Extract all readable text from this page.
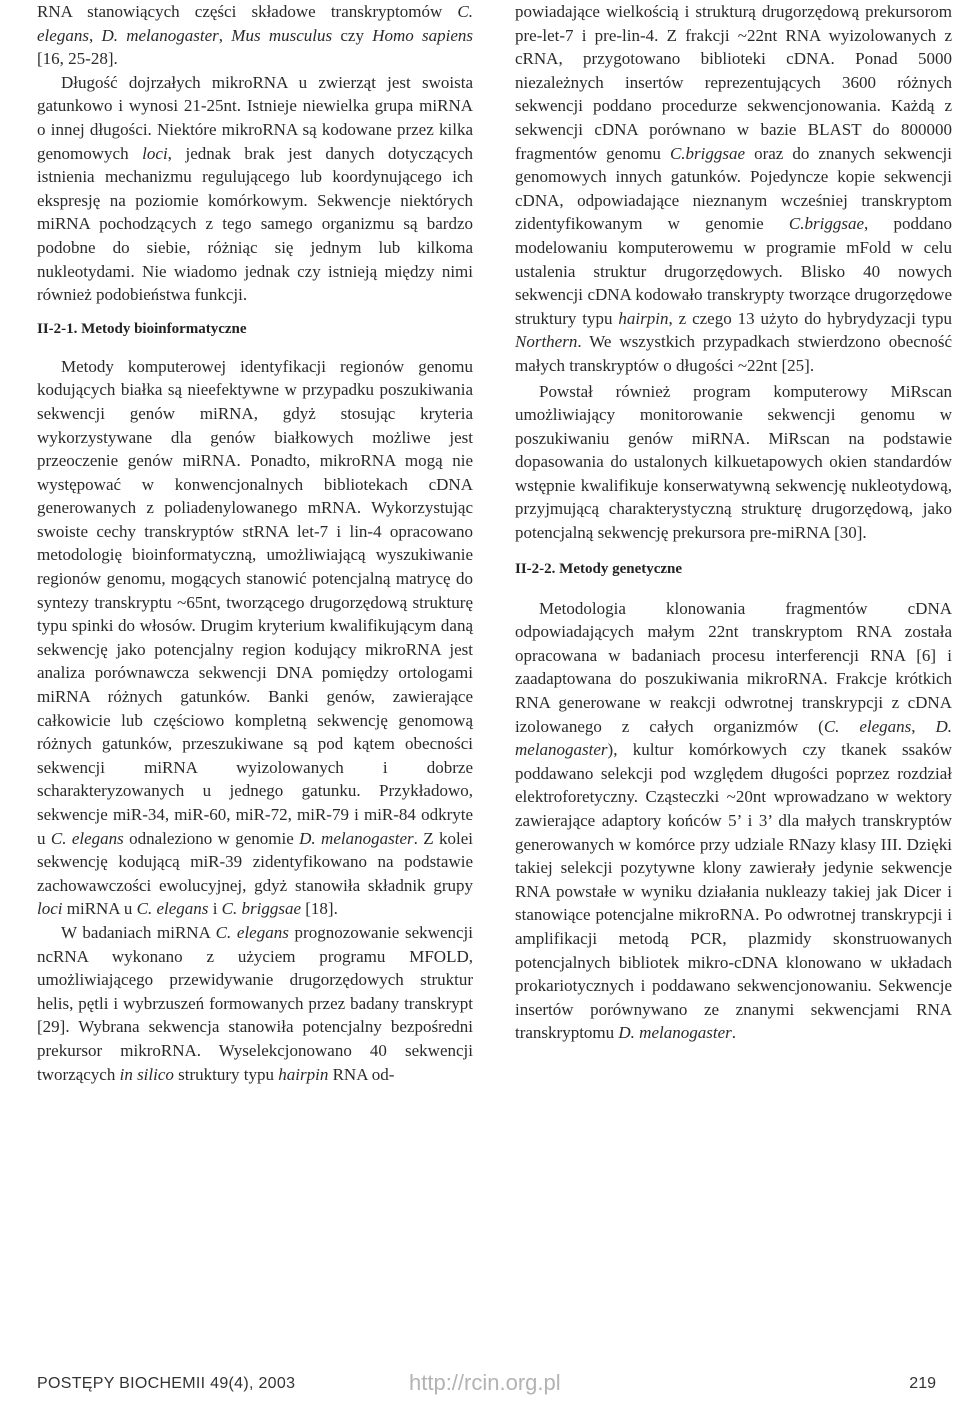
RNA stanowiących części składowe transkryptomów C. elegans, D. melanogaster, Mus musculus czy Homo sapiens [16, 25-28].

Długość dojrzałych mikroRNA u zwierząt jest swoista gatunkowo i wynosi 21-25nt. Istnieje niewielka grupa miRNA o innej długości. Niektóre mikroRNA są kodowane przez kilka genomowych loci, jednak brak jest danych dotyczących istnienia mechanizmu regulującego lub koordynującego ich ekspresję na poziomie komórkowym. Sekwencje niektórych miRNA pochodzących z tego samego organizmu są bardzo podobne do siebie, różniąc się jednym lub kilkoma nukleotydami. Nie wiadomo jednak czy istnieją między nimi również podobieństwa funkcji.

II-2-1. Metody bioinformatyczne

Metody komputerowej identyfikacji regionów genomu kodujących białka są nieefektywne w przypadku poszukiwania sekwencji genów miRNA, gdyż stosując kryteria wykorzystywane dla genów białkowych możliwe jest przeoczenie genów miRNA. Ponadto, mikroRNA mogą nie występować w konwencjonalnych bibliotekach cDNA generowanych z poliadenylowanego mRNA. Wykorzystując swoiste cechy transkryptów stRNA let-7 i lin-4 opracowano metodologię bioinformatyczną, umożliwiającą wyszukiwanie regionów genomu, mogących stanowić potencjalną matrycę do syntezy transkryptu ~65nt, tworzącego drugorzędową strukturę typu spinki do włosów. Drugim kryterium kwalifikującym daną sekwencję jako potencjalny region kodujący mikroRNA jest analiza porównawcza sekwencji DNA pomiędzy ortologami miRNA różnych gatunków. Banki genów, zawierające całkowicie lub częściowo kompletną sekwencję genomową różnych gatunków, przeszukiwane są pod kątem obecności sekwencji miRNA wyizolowanych i dobrze scharakteryzowanych u jednego gatunku. Przykładowo, sekwencje miR-34, miR-60, miR-72, miR-79 i miR-84 odkryte u C. elegans odnaleziono w genomie D. melanogaster. Z kolei sekwencję kodującą miR-39 zidentyfikowano na podstawie zachowawczości ewolucyjnej, gdyż stanowiła składnik grupy loci miRNA u C. elegans i C. briggsae [18].

W badaniach miRNA C. elegans prognozowanie sekwencji ncRNA wykonano z użyciem programu MFOLD, umożliwiającego przewidywanie drugorzędowych struktur helis, pętli i wybrzuszeń formowanych przez badany transkrypt [29]. Wybrana sekwencja stanowiła potencjalny bezpośredni prekursor mikroRNA. Wyselekcjonowano 40 sekwencji tworzących in silico struktury typu hairpin RNA od-

powiadające wielkością i strukturą drugorzędową prekursorom pre-let-7 i pre-lin-4. Z frakcji ~22nt RNA wyizolowanych z cRNA, przygotowano biblioteki cDNA. Ponad 5000 niezależnych insertów reprezentujących 3600 różnych sekwencji poddano procedurze sekwencjonowania. Każdą z sekwencji cDNA porównano w bazie BLAST do 800000 fragmentów genomu C.briggsae oraz do znanych sekwencji genomowych innych gatunków. Pojedyncze kopie sekwencji cDNA, odpowiadające nieznanym wcześniej transkryptom zidentyfikowanym w genomie C.briggsae, poddano modelowaniu komputerowemu w programie mFold w celu ustalenia struktur drugorzędowych. Blisko 40 nowych sekwencji cDNA kodowało transkrypty tworzące drugorzędowe struktury typu hairpin, z czego 13 użyto do hybrydyzacji typu Northern. We wszystkich przypadkach stwierdzono obecność małych transkryptów o długości ~22nt [25].

Powstał również program komputerowy MiRscan umożliwiający monitorowanie sekwencji genomu w poszukiwaniu genów miRNA. MiRscan na podstawie dopasowania do ustalonych kilkuetapowych okien standardów wstępnie kwalifikuje konserwatywną sekwencję nukleotydową, przyjmującą charakterystyczną strukturę drugorzędową, jako potencjalną sekwencję prekursora pre-miRNA [30].

II-2-2. Metody genetyczne

Metodologia klonowania fragmentów cDNA odpowiadających małym 22nt transkryptom RNA została opracowana w badaniach procesu interferencji RNA [6] i zaadaptowana do poszukiwania mikroRNA. Frakcje krótkich RNA generowane w reakcji odwrotnej transkrypcji z cDNA izolowanego z całych organizmów (C. elegans, D. melanogaster), kultur komórkowych czy tkanek ssaków poddawano selekcji pod względem długości poprzez rozdział elektroforetyczny. Cząsteczki ~20nt wprowadzano w wektory zawierające adaptory końców 5’ i 3’ dla małych transkryptów generowanych w komórce przy udziale RNazy klasy III. Dzięki takiej selekcji pozytywne klony zawierały jedynie sekwencje RNA powstałe w wyniku działania nukleazy takiej jak Dicer i stanowiące potencjalne mikroRNA. Po odwrotnej transkrypcji i amplifikacji metodą PCR, plazmidy skonstruowanych potencjalnych bibliotek mikro-cDNA klonowano w układach prokariotycznych i poddawano sekwencjonowaniu. Sekwencje insertów porównywano ze znanymi sekwencjami RNA transkryptomu D. melanogaster.

POSTĘPY BIOCHEMII 49(4), 2003	http://rcin.org.pl	219
